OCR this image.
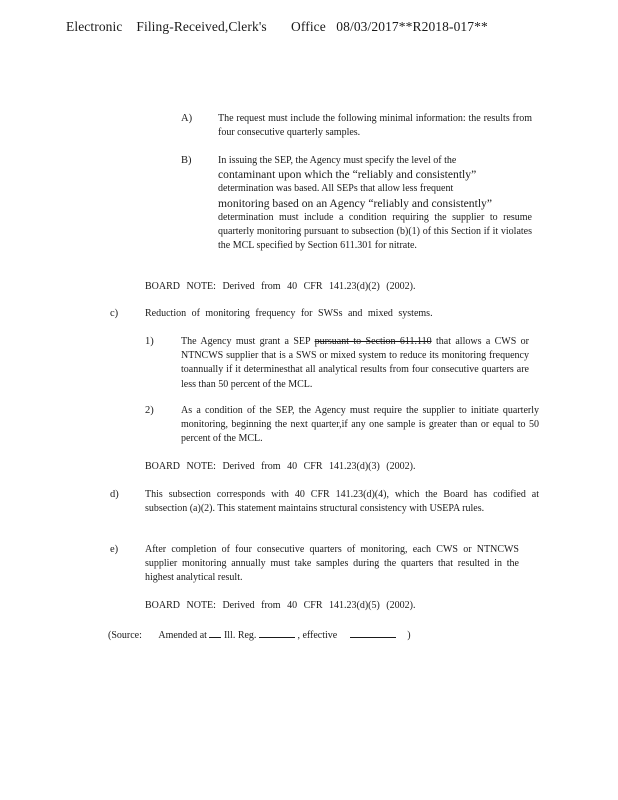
Electronic    Filing-Received,Clerk's       Office   08/03/2017**R2018-017**
A)	The request must include the following minimal information: the results from four consecutive quarterly samples.
B)	In issuing the SEP, the Agency must specify the level of the
contaminant upon which the “reliably and consistently”
determination was based. All SEPs that allow less frequent
monitoring based on an Agency “reliably and consistently”
determination must include a condition requiring the supplier to resume quarterly monitoring pursuant to subsection (b)(1) of this Section if it violates the MCL specified by Section 611.301 for nitrate.
BOARD NOTE: Derived from 40 CFR 141.23(d)(2) (2002).
c)	Reduction of monitoring frequency for SWSs and mixed systems.
1)	The Agency must grant a SEP pursuant to Section 611.110 that allows a CWS or NTNCWS supplier that is a SWS or mixed system to reduce its monitoring frequency toannually if it determinesthat all analytical results from four consecutive quarters are less than 50 percent of the MCL.
2)	As a condition of the SEP, the Agency must require the supplier to initiate quarterly monitoring, beginning the next quarter,if any one sample is greater than or equal to 50 percent of the MCL.
BOARD NOTE: Derived from 40 CFR 141.23(d)(3) (2002).
d)	This subsection corresponds with 40 CFR 141.23(d)(4), which the Board has codified at subsection (a)(2). This statement maintains structural consistency with USEPA rules.
e)	After completion of four consecutive quarters of monitoring, each CWS or NTNCWS supplier monitoring annually must take samples during the quarters that resulted in the highest analytical result.
BOARD NOTE: Derived from 40 CFR 141.23(d)(5) (2002).
(Source: Amended at Ill. Reg.	, effective	)
